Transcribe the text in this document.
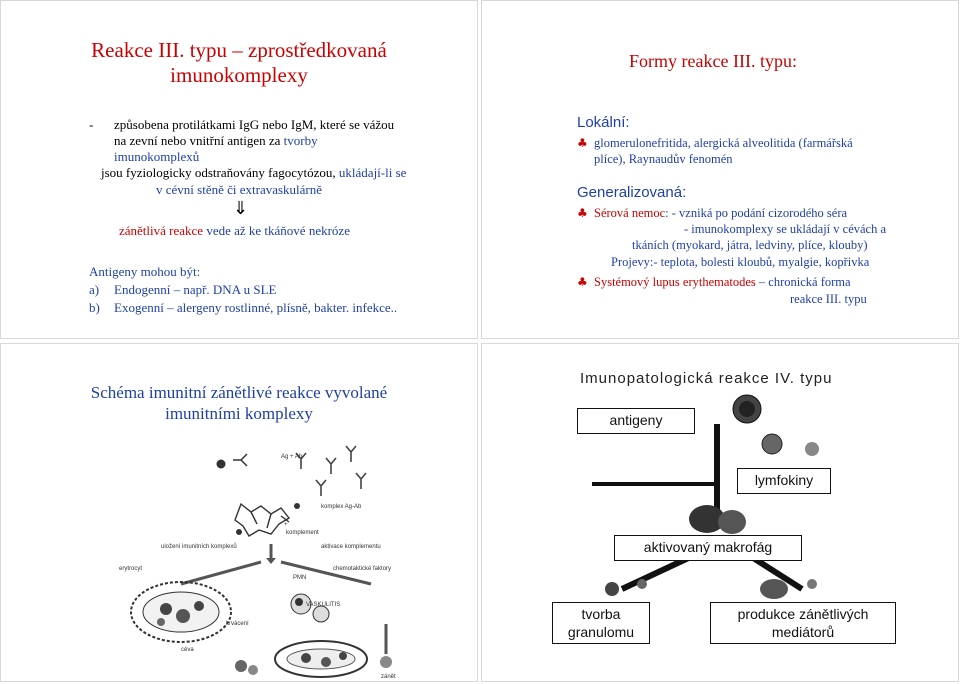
Reakce III. typu – zprostředkovaná
imunokomplexy
- způsobena protilátkami IgG nebo IgM, které se vážou
na zevní nebo vnitřní antigen za tvorby
imunokomplexů
jsou fyziologicky odstraňovány fagocytózou, ukládají-li se
v cévní stěně či extravaskulárně
⇓
zánětlivá reakce vede až ke tkáňové nekróze
Antigeny mohou být:
a) Endogenní – např. DNA u SLE
b) Exogenní – alergeny rostlinné, plísně, bakter. infekce..
Formy reakce III. typu:
Lokální:
♣ glomerulonefritida, alergická alveolitida (farmářská
plíce), Raynaudův fenomén
Generalizovaná:
♣ Sérová nemoc: - vzniká po podání cizorodého séra
- imunokomplexy se ukládají v cévách a
tkáních (myokard, játra, ledviny, plíce, klouby)
Projevy:- teplota, bolesti kloubů, myalgie, kopřivka
♣ Systémový lupus erythematodes – chronická forma
reakce III. typu
Schéma imunitní zánětlivé reakce vyvolané
imunitními komplexy
Ag + Ab
komplex Ag-Ab
+
komplement
uložení imunitních komplexů	aktivace komplementu
chemotaktické faktory
erytrocyt
PMN
céva
VASKULITIS
krvácení
zánět
Imunopatologická reakce IV. typu
antigeny
lymfokiny
aktivovaný makrofág
tvorba
granulomu
produkce zánětlivých
mediátorů
